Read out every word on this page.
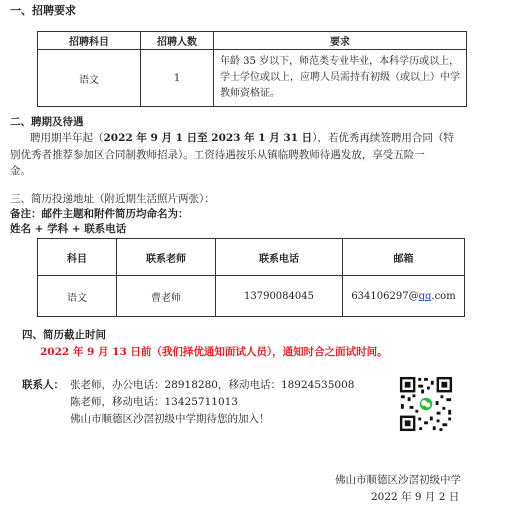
一、招聘要求
招聘科目	招聘人数	要求
语文	1	年龄 35 岁以下，师范类专业毕业，本科学历或以上，学士学位或以上，应聘人员需持有初级（或以上）中学教师资格证。
二、聘期及待遇
聘用期半年起（2022 年 9 月 1 日至 2023 年 1 月 31 日），若优秀再续签聘用合同（特
别优秀者推荐参加区合同制教师招录）。工资待遇按乐从镇临聘教师待遇发放，享受五险一
金。
三、简历投递地址（附近期生活照片两张）：
备注：邮件主题和附件简历均命名为：
姓名 + 学科 + 联系电话
科目	联系老师	联系电话	邮箱
语文	曹老师	13790084045	634106297@qq.com
四、简历截止时间
2022 年 9 月 13 日前（我们择优通知面试人员），通知时合之面试时间。
联系人： 张老师，办公电话：28918280，移动电话：18924535008
陈老师，移动电话：13425711013
佛山市顺德区沙滘初级中学期待您的加入！
佛山市顺德区沙滘初级中学
2022 年 9 月 2 日
